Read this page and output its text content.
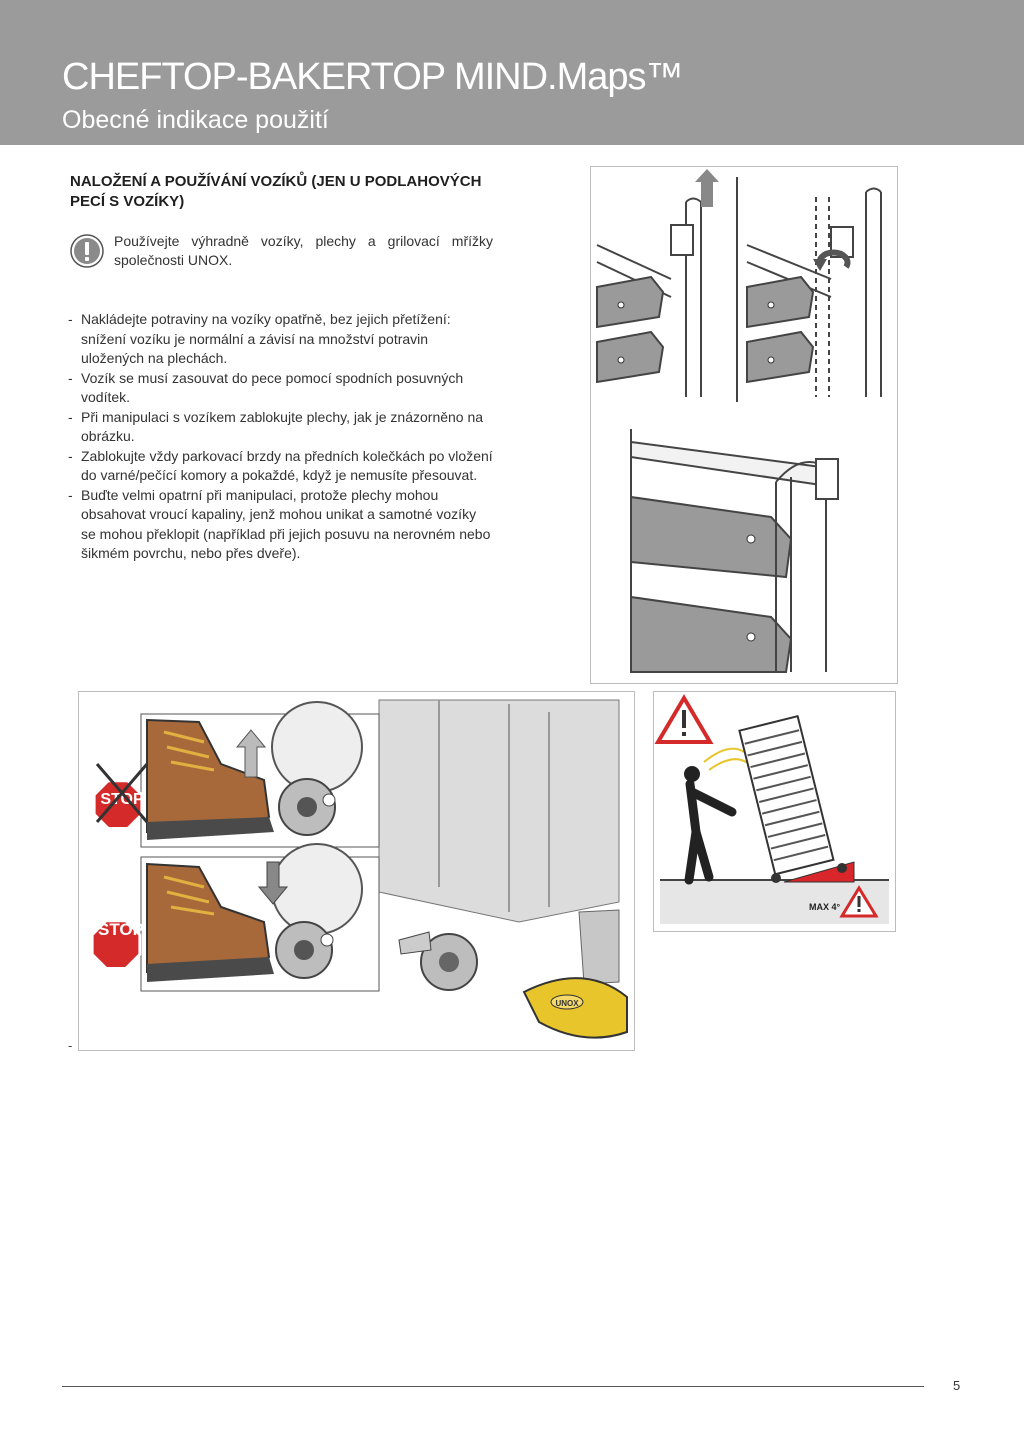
CHEFTOP-BAKERTOP MIND.Maps™
Obecné indikace použití
NALOŽENÍ A POUŽÍVÁNÍ VOZÍKŮ (JEN U PODLAHOVÝCH PECÍ S VOZÍKY)
Používejte výhradně vozíky, plechy a grilovací mřížky společnosti UNOX.
- Nakládejte potraviny na vozíky opatřně, bez jejich přetížení: snížení vozíku je normální a závisí na množství potravin uložených na plechách.
- Vozík se musí zasouvat do pece pomocí spodních posuvných vodítek.
- Při manipulaci s vozíkem zablokujte plechy, jak je znázorněno na obrázku.
- Zablokujte vždy parkovací brzdy na předních kolečkách po vložení do varné/pečící komory a pokaždé, když je nemusíte přesouvat.
- Buďte velmi opatrní při manipulaci, protože plechy mohou obsahovat vroucí kapaliny, jenž mohou unikat a samotné vozíky se mohou překlopit (například při jejich posuvu na nerovném nebo šikmém povrchu, nebo přes dveře).
UNOX
STOP
STOP
MAX 4°
-
5
